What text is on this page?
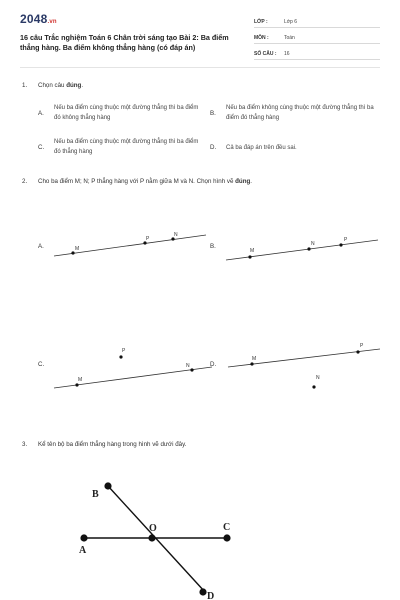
2048.vn
16 câu Trắc nghiệm Toán 6 Chân trời sáng tạo Bài 2: Ba điểm thẳng hàng. Ba điểm không thẳng hàng (có đáp án)
LỚP :	Lớp 6
MÔN :	Toán
SỐ CÂU : 16
1. Chọn câu đúng.
A.
Nếu ba điểm cùng thuộc một đường thẳng thì ba điểm đó không thẳng hàng
B.
Nếu ba điểm không cùng thuộc một đường thẳng thì ba điểm đó thẳng hàng
C.
Nếu ba điểm cùng thuộc một đường thẳng thì ba điểm đó thẳng hàng
D. Cả ba đáp án trên đều sai.
2. Cho ba điểm M; N; P thẳng hàng với P nằm giữa M và N. Chọn hình vẽ đúng.
A.	M
P
N
B.
M
N
P
C.
P
M
N	D.
M
P
N
3. Kể tên bộ ba điểm thẳng hàng trong hình vẽ dưới đây.
B
O	C
A
D
